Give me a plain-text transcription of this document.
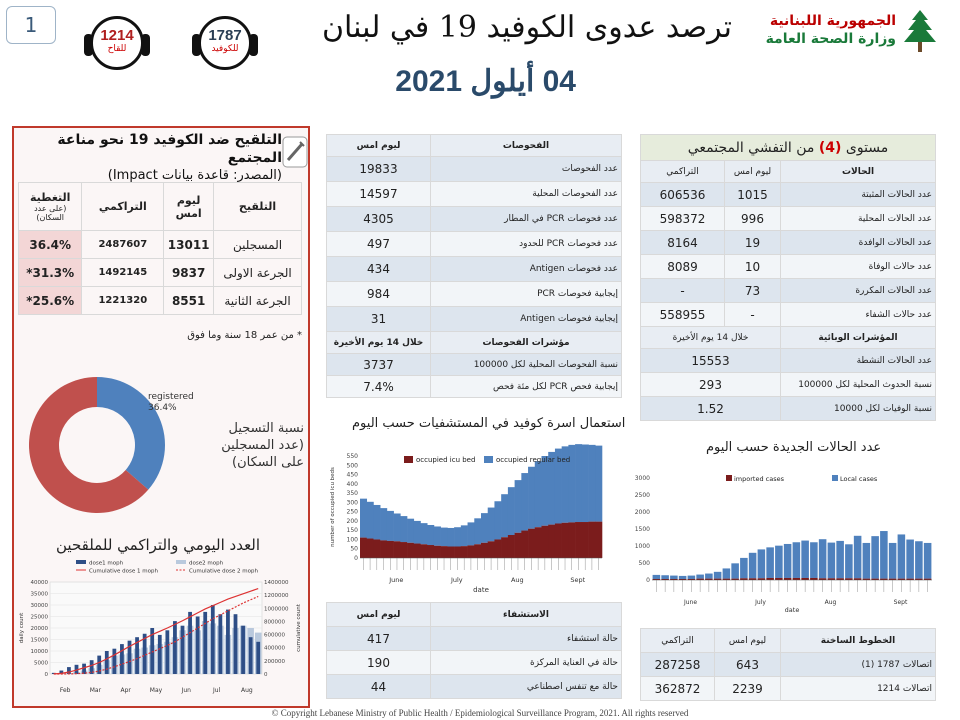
1	1787
للكوفيد
1214
للقاح
ترصد عدوى الكوفيد 19 في لبنان
04 أيلول 2021
الجمهورية اللبنانية
وزارة الصحة العامة
التلقيح ضد الكوفيد 19 نحو مناعة المجتمع
(المصدر: قاعدة بيانات Impact)
التلقيح	ليوم امس	التراكمي	التغطية
(على عدد السكان)

المسجلين	13011	2487607	36.4%
الجرعة الاولى	9837	1492145	*31.3%
الجرعة الثانية	8551	1221320	*25.6%
* من عمر 18 سنة وما فوق
registered
36.4%
نسبة التسجيل (عدد المسجلين على السكان)
العدد اليومي والتراكمي للملقحين
0
5000
10000
15000
20000
25000
30000
35000
40000
0
200000
400000
600000
800000
1000000
1200000
1400000
Feb	Mar	Apr	May	Jun	Jul	Aug
daily count	cumulative count
dose1 moph	dose2 moph
Cumulative dose 1 moph	Cumulative dose 2 moph
الفحوصات	ليوم امس
عدد الفحوصات	19833
عدد الفحوصات المحلية	14597
عدد فحوصات PCR في المطار	4305
عدد فحوصات PCR للحدود	497
عدد فحوصات Antigen	434
إيجابية فحوصات PCR	984
إيجابية فحوصات Antigen	31
مؤشرات الفحوصات	خلال 14 يوم الأخيرة
نسبة الفحوصات المحلية لكل 100000	3737
إيجابية فحص PCR لكل مئة فحص	7.4%
استعمال اسرة كوفيد في المستشفيات حسب اليوم
0
50
100
150
200
250
300
350
400
450
500
550
June	July	Aug	Sept
date
number of occupied icu beds
occupied icu bed	occupied regular bed
الاستشفاء	ليوم امس
حالة استشفاء	417
حالة في العناية المركزة	190
حالة مع تنفس اصطناعي	44
مستوى (4) من التفشي المجتمعي		
الحالات	ليوم امس	التراكمي
عدد الحالات المثبتة	1015	606536
عدد الحالات المحلية	996	598372
عدد الحالات الوافدة	19	8164
عدد حالات الوفاة	10	8089
عدد الحالات المكررة	73	-
عدد حالات الشفاء	-	558955
المؤشرات الوبائية	خلال 14 يوم الأخيرة	
عدد الحالات النشطة	15553	
نسبة الحدوث المحلية لكل 100000	293	
نسبة الوفيات لكل 10000	1.52	
عدد الحالات الجديدة حسب اليوم
0
500
1000
1500
2000
2500
3000
June	July	Aug	Sept
date
imported cases	Local cases
الخطوط الساخنة	ليوم امس	التراكمي
اتصالات 1787 (1)	643	287258
اتصالات 1214	2239	362872
© Copyright Lebanese Ministry of Public Health / Epidemiological Surveillance Program, 2021. All rights reserved
